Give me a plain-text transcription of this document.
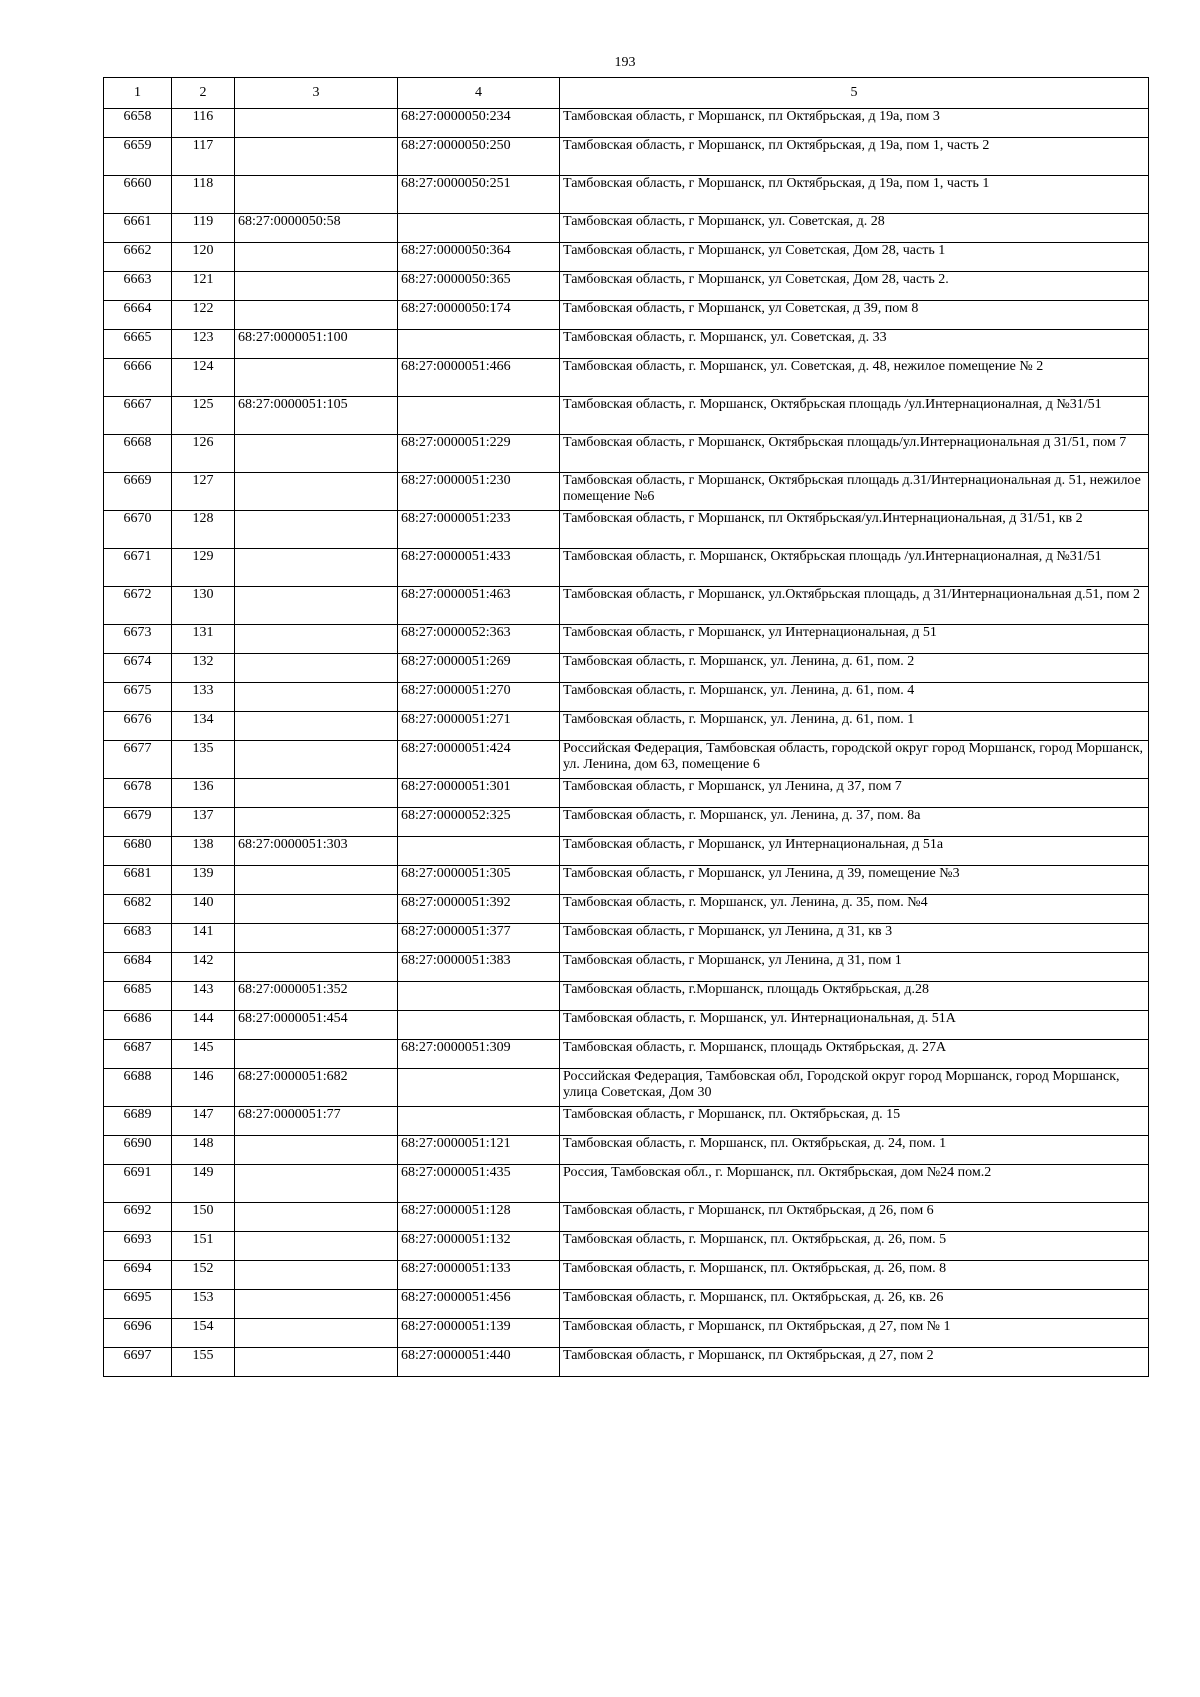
193
1	2	3	4	5
6658	116		68:27:0000050:234	Тамбовская область, г Моршанск, пл Октябрьская, д 19а, пом 3
6659	117		68:27:0000050:250	Тамбовская область, г Моршанск, пл Октябрьская, д 19а, пом 1, часть 2
6660	118		68:27:0000050:251	Тамбовская область, г Моршанск, пл Октябрьская, д 19а, пом 1, часть 1
6661	119	68:27:0000050:58		Тамбовская область, г Моршанск, ул. Советская, д. 28
6662	120		68:27:0000050:364	Тамбовская область, г Моршанск, ул Советская, Дом 28, часть 1
6663	121		68:27:0000050:365	Тамбовская область, г Моршанск, ул Советская, Дом 28, часть 2.
6664	122		68:27:0000050:174	Тамбовская область, г Моршанск, ул Советская, д 39, пом 8
6665	123	68:27:0000051:100		Тамбовская область, г. Моршанск, ул. Советская, д. 33
6666	124		68:27:0000051:466	Тамбовская область, г. Моршанск, ул. Советская, д. 48, нежилое помещение № 2
6667	125	68:27:0000051:105		Тамбовская область, г. Моршанск, Октябрьская площадь /ул.Интернационалная, д №31/51
6668	126		68:27:0000051:229	Тамбовская область, г Моршанск, Октябрьская площадь/ул.Интернациональная д 31/51, пом 7
6669	127		68:27:0000051:230	Тамбовская область, г Моршанск, Октябрьская площадь д.31/Интернациональная д. 51, нежилое помещение №6
6670	128		68:27:0000051:233	Тамбовская область, г Моршанск, пл Октябрьская/ул.Интернациональная, д 31/51, кв 2
6671	129		68:27:0000051:433	Тамбовская область, г. Моршанск, Октябрьская площадь /ул.Интернационалная, д №31/51
6672	130		68:27:0000051:463	Тамбовская область, г Моршанск, ул.Октябрьская площадь, д 31/Интернациональная д.51, пом 2
6673	131		68:27:0000052:363	Тамбовская область, г Моршанск, ул Интернациональная, д 51
6674	132		68:27:0000051:269	Тамбовская область, г. Моршанск, ул. Ленина, д. 61, пом. 2
6675	133		68:27:0000051:270	Тамбовская область, г. Моршанск, ул. Ленина, д. 61, пом. 4
6676	134		68:27:0000051:271	Тамбовская область, г. Моршанск, ул. Ленина, д. 61, пом. 1
6677	135		68:27:0000051:424	Российская Федерация, Тамбовская область, городской округ город Моршанск, город Моршанск, ул. Ленина, дом 63, помещение 6
6678	136		68:27:0000051:301	Тамбовская область, г Моршанск, ул Ленина, д 37, пом 7
6679	137		68:27:0000052:325	Тамбовская область, г. Моршанск, ул. Ленина, д. 37, пом. 8а
6680	138	68:27:0000051:303		Тамбовская область, г Моршанск, ул Интернациональная, д 51а
6681	139		68:27:0000051:305	Тамбовская область, г Моршанск, ул Ленина, д 39, помещение №3
6682	140		68:27:0000051:392	Тамбовская область, г. Моршанск, ул. Ленина, д. 35, пом. №4
6683	141		68:27:0000051:377	Тамбовская область, г Моршанск, ул Ленина, д 31, кв 3
6684	142		68:27:0000051:383	Тамбовская область, г Моршанск, ул Ленина, д 31, пом 1
6685	143	68:27:0000051:352		Тамбовская область, г.Моршанск, площадь Октябрьская, д.28
6686	144	68:27:0000051:454		Тамбовская область, г. Моршанск, ул. Интернациональная, д. 51А
6687	145		68:27:0000051:309	Тамбовская область, г. Моршанск, площадь Октябрьская, д. 27А
6688	146	68:27:0000051:682		Российская Федерация, Тамбовская обл, Городской округ город Моршанск, город Моршанск, улица Советская, Дом 30
6689	147	68:27:0000051:77		Тамбовская область, г Моршанск, пл. Октябрьская, д. 15
6690	148		68:27:0000051:121	Тамбовская область, г. Моршанск, пл. Октябрьская, д. 24, пом. 1
6691	149		68:27:0000051:435	Россия, Тамбовская обл., г. Моршанск, пл. Октябрьская, дом №24 пом.2
6692	150		68:27:0000051:128	Тамбовская область, г Моршанск, пл Октябрьская, д 26, пом 6
6693	151		68:27:0000051:132	Тамбовская область, г. Моршанск, пл. Октябрьская, д. 26, пом. 5
6694	152		68:27:0000051:133	Тамбовская область, г. Моршанск, пл. Октябрьская, д. 26, пом. 8
6695	153		68:27:0000051:456	Тамбовская область, г. Моршанск, пл. Октябрьская, д. 26, кв. 26
6696	154		68:27:0000051:139	Тамбовская область, г Моршанск, пл Октябрьская, д 27, пом № 1
6697	155		68:27:0000051:440	Тамбовская область, г Моршанск, пл Октябрьская, д 27, пом 2
